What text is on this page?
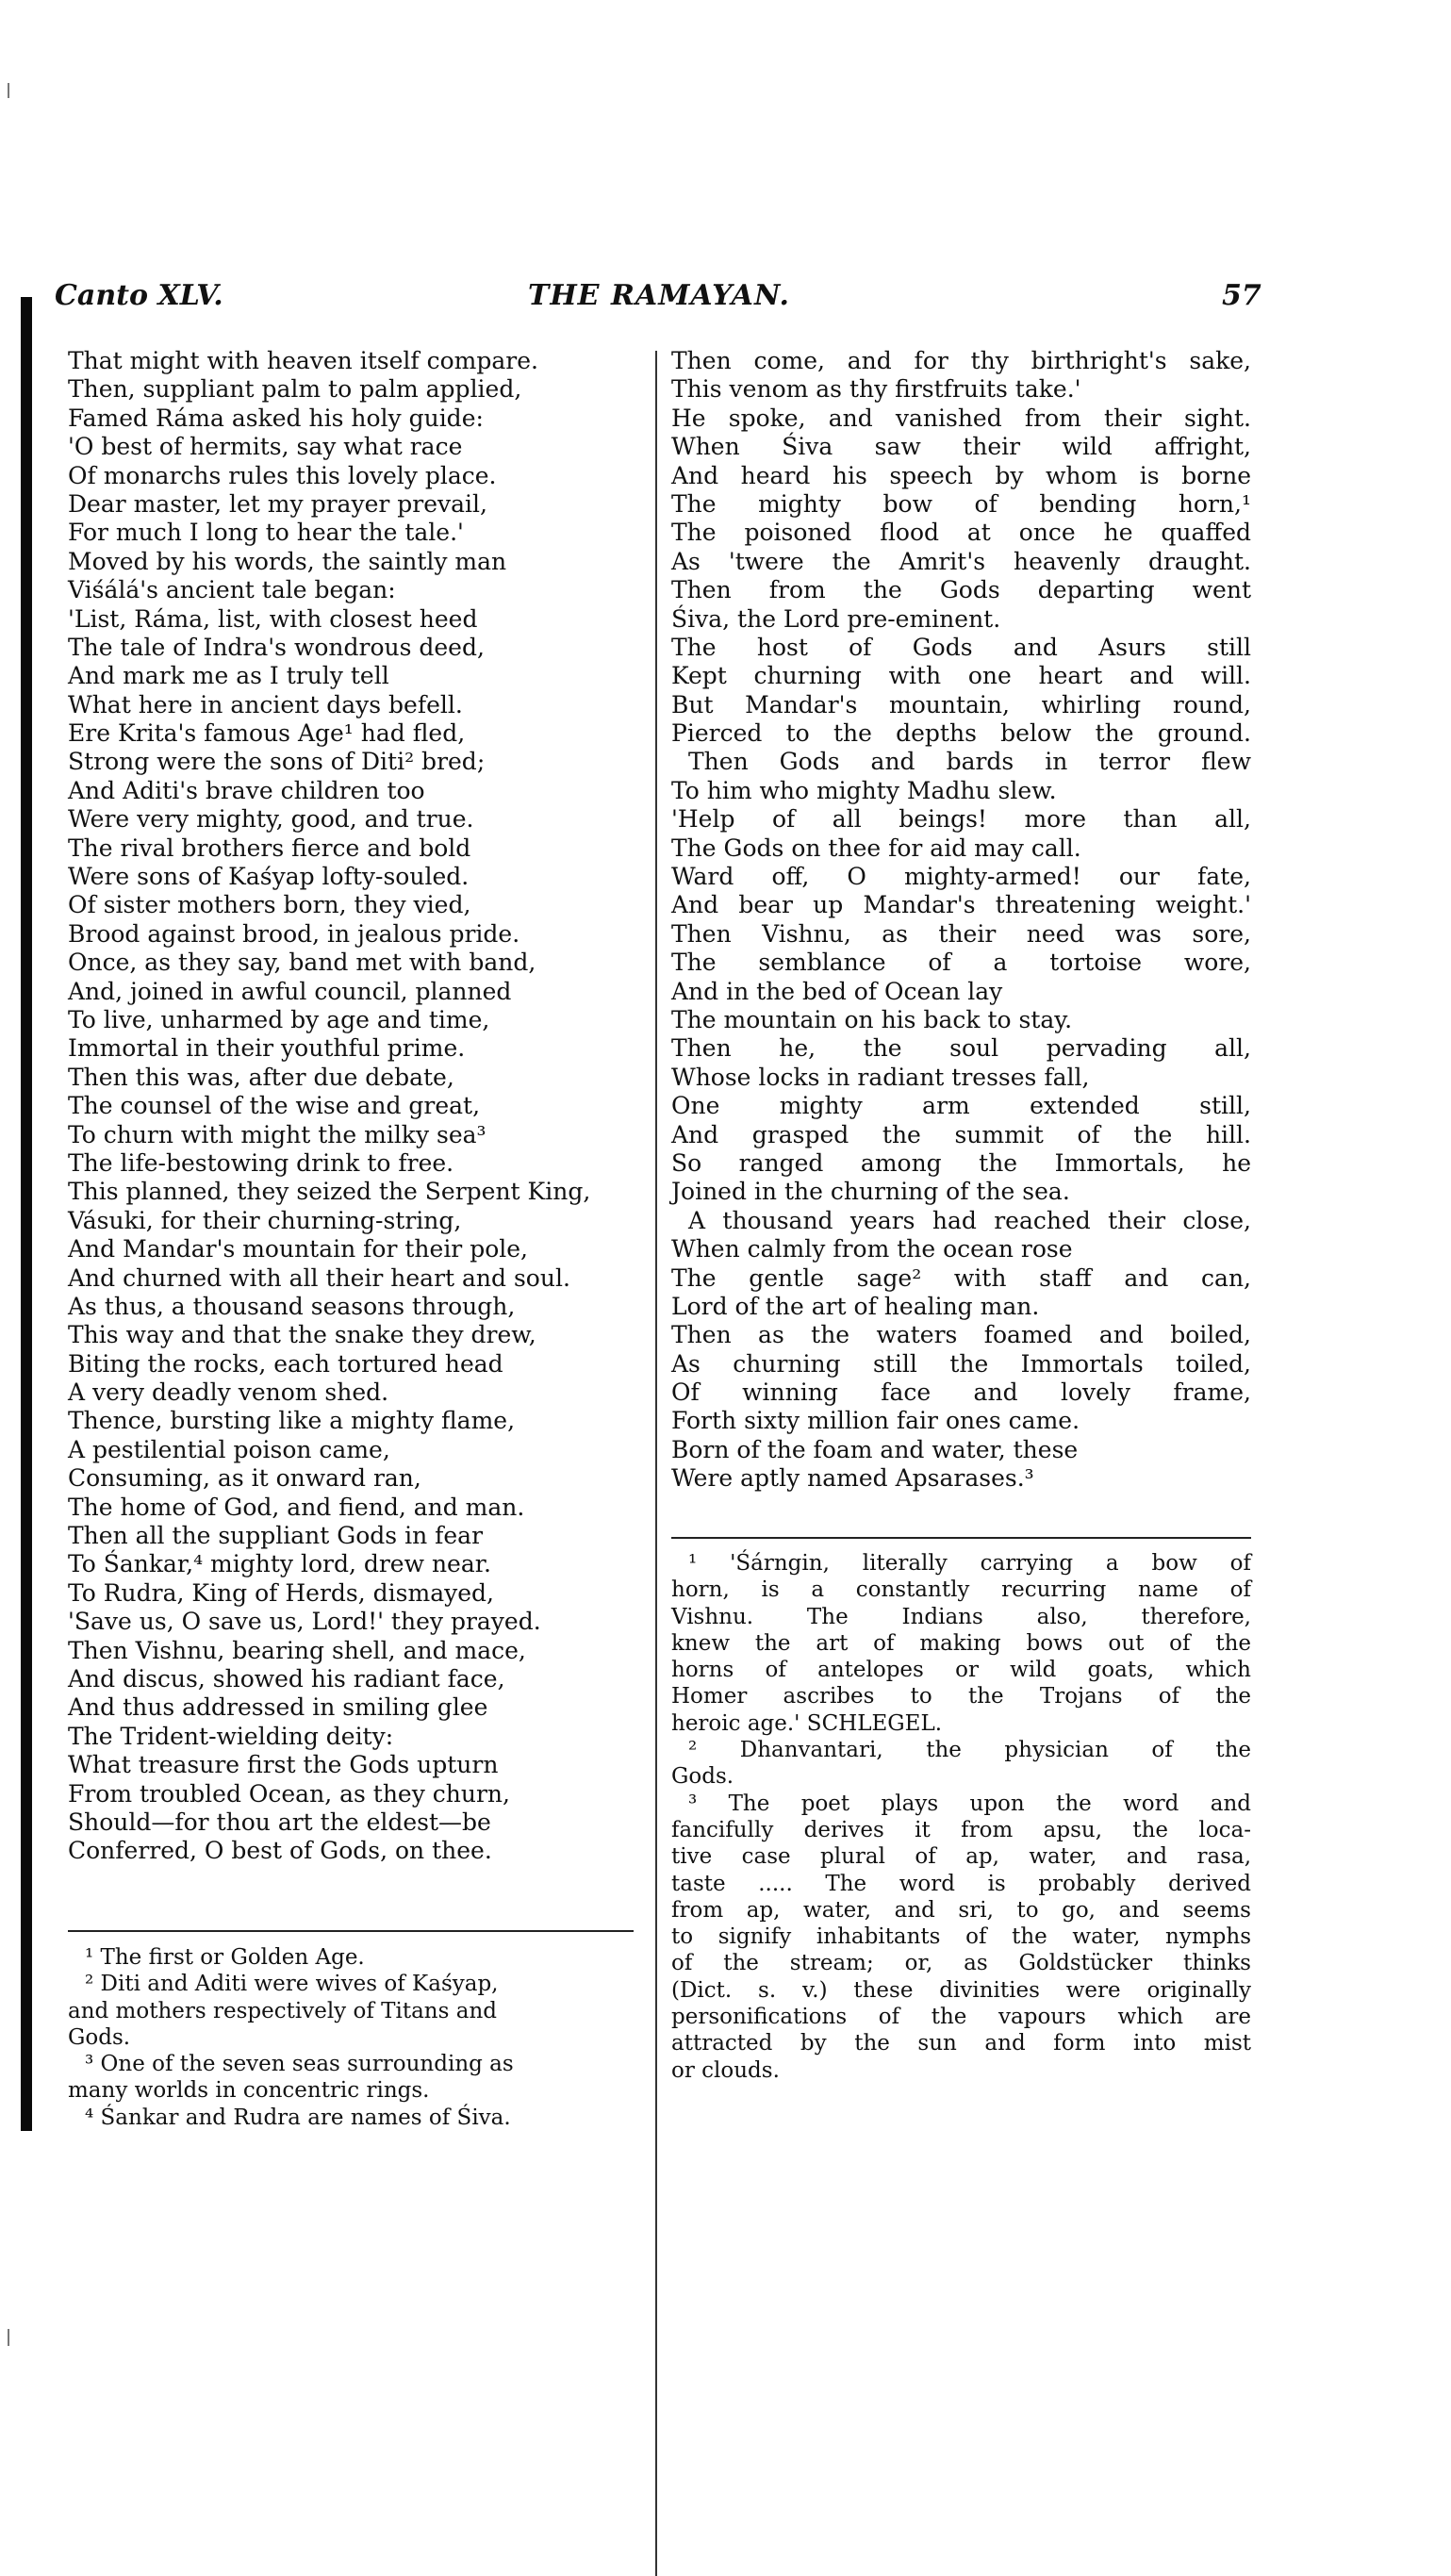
Canto XLV.	THE RAMAYAN.	57
That might with heaven itself compare.
Then, suppliant palm to palm applied,
Famed Ráma asked his holy guide:
'O best of hermits, say what race
Of monarchs rules this lovely place.
Dear master, let my prayer prevail,
For much I long to hear the tale.'
Moved by his words, the saintly man
Viśálá's ancient tale began:
'List, Ráma, list, with closest heed
The tale of Indra's wondrous deed,
And mark me as I truly tell
What here in ancient days befell.
Ere Krita's famous Age¹ had fled,
Strong were the sons of Diti² bred;
And Aditi's brave children too
Were very mighty, good, and true.
The rival brothers fierce and bold
Were sons of Kaśyap lofty-souled.
Of sister mothers born, they vied,
Brood against brood, in jealous pride.
Once, as they say, band met with band,
And, joined in awful council, planned
To live, unharmed by age and time,
Immortal in their youthful prime.
Then this was, after due debate,
The counsel of the wise and great,
To churn with might the milky sea³
The life-bestowing drink to free.
This planned, they seized the Serpent King,
Vásuki, for their churning-string,
And Mandar's mountain for their pole,
And churned with all their heart and soul.
As thus, a thousand seasons through,
This way and that the snake they drew,
Biting the rocks, each tortured head
A very deadly venom shed.
Thence, bursting like a mighty flame,
A pestilential poison came,
Consuming, as it onward ran,
The home of God, and fiend, and man.
Then all the suppliant Gods in fear
To Śankar,⁴ mighty lord, drew near.
To Rudra, King of Herds, dismayed,
'Save us, O save us, Lord!' they prayed.
Then Vishnu, bearing shell, and mace,
And discus, showed his radiant face,
And thus addressed in smiling glee
The Trident-wielding deity:
What treasure first the Gods upturn
From troubled Ocean, as they churn,
Should—for thou art the eldest—be
Conferred, O best of Gods, on thee.
Then come, and for thy birthright's sake,
This venom as thy firstfruits take.'
He spoke, and vanished from their sight.
When Śiva saw their wild affright,
And heard his speech by whom is borne
The mighty bow of bending horn,¹
The poisoned flood at once he quaffed
As 'twere the Amrit's heavenly draught.
Then from the Gods departing went
Śiva, the Lord pre-eminent.
The host of Gods and Asurs still
Kept churning with one heart and will.
But Mandar's mountain, whirling round,
Pierced to the depths below the ground.
Then Gods and bards in terror flew
To him who mighty Madhu slew.
'Help of all beings! more than all,
The Gods on thee for aid may call.
Ward off, O mighty-armed! our fate,
And bear up Mandar's threatening weight.'
Then Vishnu, as their need was sore,
The semblance of a tortoise wore,
And in the bed of Ocean lay
The mountain on his back to stay.
Then he, the soul pervading all,
Whose locks in radiant tresses fall,
One mighty arm extended still,
And grasped the summit of the hill.
So ranged among the Immortals, he
Joined in the churning of the sea.
A thousand years had reached their close,
When calmly from the ocean rose
The gentle sage² with staff and can,
Lord of the art of healing man.
Then as the waters foamed and boiled,
As churning still the Immortals toiled,
Of winning face and lovely frame,
Forth sixty million fair ones came.
Born of the foam and water, these
Were aptly named Apsarases.³
¹ The first or Golden Age.
² Diti and Aditi were wives of Kaśyap,
and mothers respectively of Titans and
Gods.
³ One of the seven seas surrounding as
many worlds in concentric rings.
⁴ Śankar and Rudra are names of Śiva.
¹ 'Śárngin, literally carrying a bow of
horn, is a constantly recurring name of
Vishnu. The Indians also, therefore,
knew the art of making bows out of the
horns of antelopes or wild goats, which
Homer ascribes to the Trojans of the
heroic age.' SCHLEGEL.
² Dhanvantari, the physician of the
Gods.
³ The poet plays upon the word and
fancifully derives it from apsu, the loca-
tive case plural of ap, water, and rasa,
taste ..... The word is probably derived
from ap, water, and sri, to go, and seems
to signify inhabitants of the water, nymphs
of the stream; or, as Goldstücker thinks
(Dict. s. v.) these divinities were originally
personifications of the vapours which are
attracted by the sun and form into mist
or clouds.
